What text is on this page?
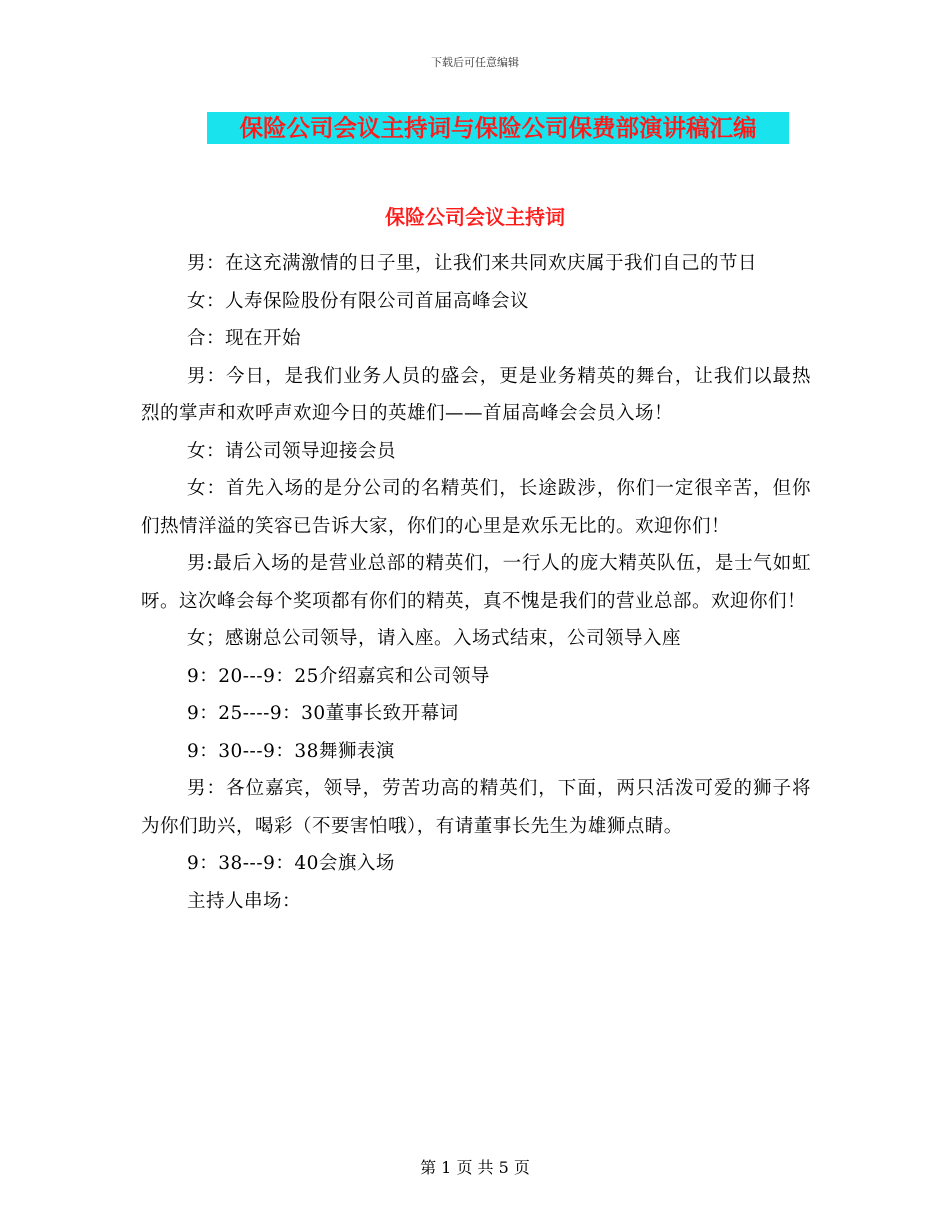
下载后可任意编辑
保险公司会议主持词与保险公司保费部演讲稿汇编
保险公司会议主持词

男：在这充满激情的日子里，让我们来共同欢庆属于我们自己的节日

女：人寿保险股份有限公司首届高峰会议

合：现在开始

男：今日，是我们业务人员的盛会，更是业务精英的舞台，让我们以最热烈的掌声和欢呼声欢迎今日的英雄们——首届高峰会会员入场！

女：请公司领导迎接会员

女：首先入场的是分公司的名精英们，长途跋涉，你们一定很辛苦，但你们热情洋溢的笑容已告诉大家，你们的心里是欢乐无比的。欢迎你们！

男:最后入场的是营业总部的精英们，一行人的庞大精英队伍，是士气如虹呀。这次峰会每个奖项都有你们的精英，真不愧是我们的营业总部。欢迎你们！

女；感谢总公司领导，请入座。入场式结束，公司领导入座

9：20---9：25介绍嘉宾和公司领导

9：25----9：30董事长致开幕词

9：30---9：38舞狮表演

男：各位嘉宾，领导，劳苦功高的精英们，下面，两只活泼可爱的狮子将为你们助兴，喝彩（不要害怕哦），有请董事长先生为雄狮点睛。

9：38---9：40会旗入场

主持人串场：

第 1 页 共 5 页
